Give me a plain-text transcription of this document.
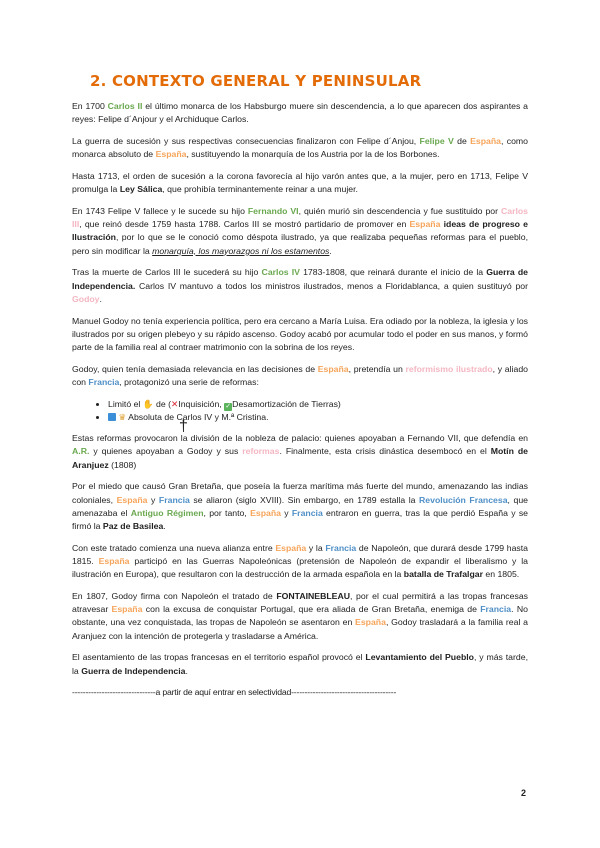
2. CONTEXTO GENERAL Y PENINSULAR

En 1700 Carlos II el último monarca de los Habsburgo muere sin descendencia, a lo que aparecen dos aspirantes a reyes: Felipe d´Anjour y el Archiduque Carlos.

La guerra de sucesión y sus respectivas consecuencias finalizaron con Felipe d´Anjou, Felipe V de España, como monarca absoluto de España, sustituyendo la monarquía de los Austria por la de los Borbones.

Hasta 1713, el orden de sucesión a la corona favorecía al hijo varón antes que, a la mujer, pero en 1713, Felipe V promulga la Ley Sálica, que prohibía terminantemente reinar a una mujer.

En 1743 Felipe V fallece y le sucede su hijo Fernando VI, quién murió sin descendencia y fue sustituido por Carlos III, que reinó desde 1759 hasta 1788. Carlos III se mostró partidario de promover en España ideas de progreso e Ilustración, por lo que se le conoció como déspota ilustrado, ya que realizaba pequeñas reformas para el pueblo, pero sin modificar la monarquía, los mayorazgos ni los estamentos.

Tras la muerte de Carlos III le sucederá su hijo Carlos IV 1783-1808, que reinará durante el inicio de la Guerra de Independencia. Carlos IV mantuvo a todos los ministros ilustrados, menos a Floridablanca, a quien sustituyó por Godoy.

Manuel Godoy no tenía experiencia política, pero era cercano a María Luisa. Era odiado por la nobleza, la iglesia y los ilustrados por su origen plebeyo y su rápido ascenso. Godoy acabó por acumular todo el poder en sus manos, y formó parte de la familia real al contraer matrimonio con la sobrina de los reyes.

Godoy, quien tenía demasiada relevancia en las decisiones de España, pretendía un reformismo ilustrado, y aliado con Francia, protagonizó una serie de reformas:

• Limitó el ✋ de (✕Inquisición, ✓Desamortización de Tierras)
• ♛ Absoluta de Carlos IV y M.ª Cristina.

Estas reformas provocaron la división de la nobleza de palacio: quienes apoyaban a Fernando VII, que defendía en A.R. y quienes apoyaban a Godoy y sus reformas. Finalmente, esta crisis dinástica desembocó en el Motín de Aranjuez (1808)

Por el miedo que causó Gran Bretaña, que poseía la fuerza marítima más fuerte del mundo, amenazando las indias coloniales, España y Francia se aliaron (siglo XVIII). Sin embargo, en 1789 estalla la Revolución Francesa, que amenazaba el Antiguo Régimen, por tanto, España y Francia entraron en guerra, tras la que perdió España y se firmó la Paz de Basilea.

Con este tratado comienza una nueva alianza entre España y la Francia de Napoleón, que durará desde 1799 hasta 1815. España participó en las Guerras Napoleónicas (pretensión de Napoleón de expandir el liberalismo y la ilustración en Europa), que resultaron con la destrucción de la armada española en la batalla de Trafalgar en 1805.

En 1807, Godoy firma con Napoleón el tratado de FONTAINEBLEAU, por el cual permitirá a las tropas francesas atravesar España con la excusa de conquistar Portugal, que era aliada de Gran Bretaña, enemiga de Francia. No obstante, una vez conquistada, las tropas de Napoleón se asentaron en España, Godoy trasladará a la familia real a Aranjuez con la intención de protegerla y trasladarse a América.

El asentamiento de las tropas francesas en el territorio español provocó el Levantamiento del Pueblo, y más tarde, la Guerra de Independencia.

-------------------------------a partir de aquí entrar en selectividad---------------------------------------
†
2
